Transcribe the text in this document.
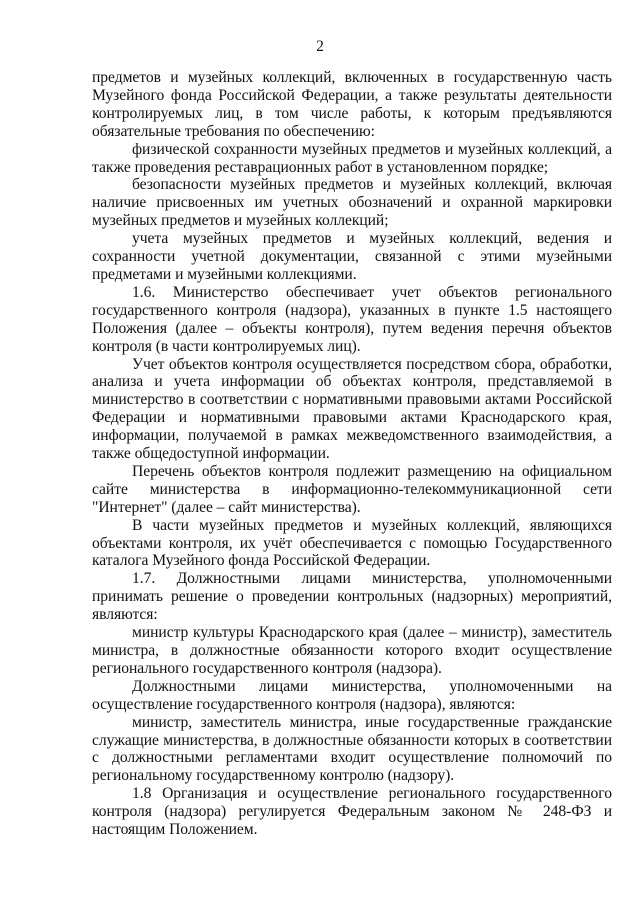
2

предметов и музейных коллекций, включенных в государственную часть Музейного фонда Российской Федерации, а также результаты деятельности контролируемых лиц, в том числе работы, к которым предъявляются обязательные требования по обеспечению:

физической сохранности музейных предметов и музейных коллекций, а также проведения реставрационных работ в установленном порядке;

безопасности музейных предметов и музейных коллекций, включая наличие присвоенных им учетных обозначений и охранной маркировки музейных предметов и музейных коллекций;

учета музейных предметов и музейных коллекций, ведения и сохранности учетной документации, связанной с этими музейными предметами и музейными коллекциями.

1.6. Министерство обеспечивает учет объектов регионального государственного контроля (надзора), указанных в пункте 1.5 настоящего Положения (далее – объекты контроля), путем ведения перечня объектов контроля (в части контролируемых лиц).

Учет объектов контроля осуществляется посредством сбора, обработки, анализа и учета информации об объектах контроля, представляемой в министерство в соответствии с нормативными правовыми актами Российской Федерации и нормативными правовыми актами Краснодарского края, информации, получаемой в рамках межведомственного взаимодействия, а также общедоступной информации.

Перечень объектов контроля подлежит размещению на официальном сайте министерства в информационно-телекоммуникационной сети "Интернет" (далее – сайт министерства).

В части музейных предметов и музейных коллекций, являющихся объектами контроля, их учёт обеспечивается с помощью Государственного каталога Музейного фонда Российской Федерации.

1.7. Должностными лицами министерства, уполномоченными принимать решение о проведении контрольных (надзорных) мероприятий, являются:

министр культуры Краснодарского края (далее – министр), заместитель министра, в должностные обязанности которого входит осуществление регионального государственного контроля (надзора).

Должностными лицами министерства, уполномоченными на осуществление государственного контроля (надзора), являются:

министр, заместитель министра, иные государственные гражданские служащие министерства, в должностные обязанности которых в соответствии с должностными регламентами входит осуществление полномочий по региональному государственному контролю (надзору).

1.8 Организация и осуществление регионального государственного контроля (надзора) регулируется Федеральным законом № 248-ФЗ и настоящим Положением.
